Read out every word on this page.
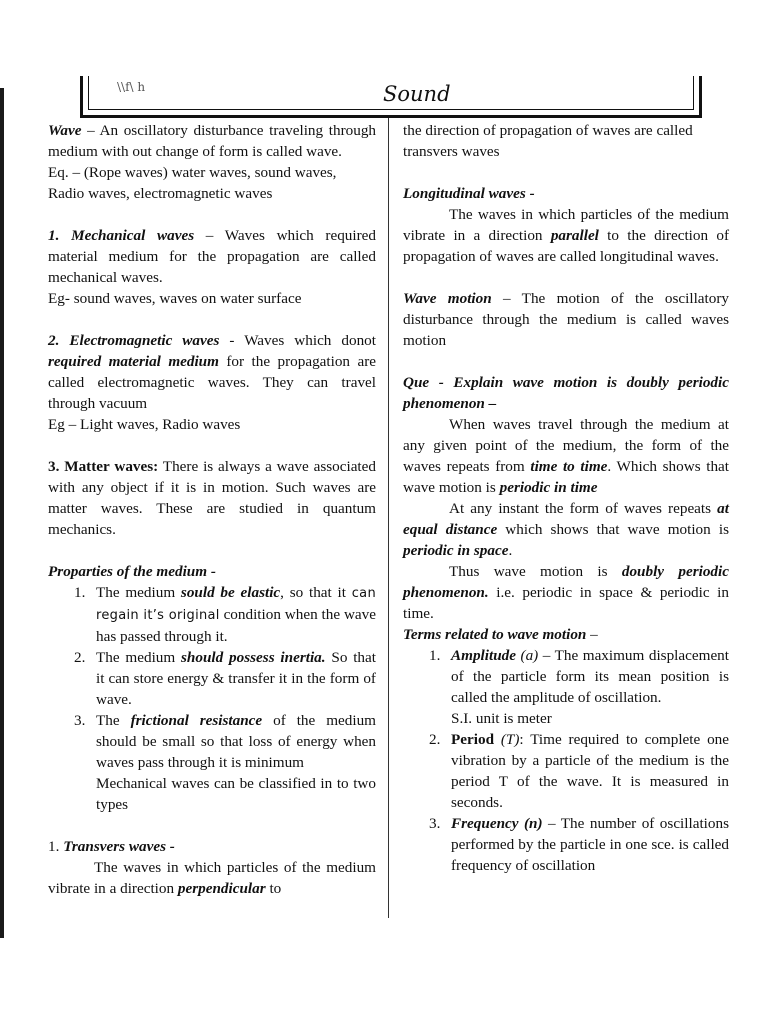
\\f\ h	Sound

Wave – An oscillatory disturbance traveling through medium with out change of form is called wave.

Eq. – (Rope waves) water waves, sound waves, Radio waves, electromagnetic waves

1. Mechanical waves – Waves which required material medium for the propagation are called mechanical waves.

Eg- sound waves, waves on water surface

2. Electromagnetic waves - Waves which donot required material medium for the propagation are called electromagnetic waves. They can travel through vacuum

Eg – Light waves, Radio waves

3. Matter waves: There is always a wave associated with any object if it is in motion. Such waves are matter waves. These are studied in quantum mechanics.

Proparties of the medium -

1. The medium sould be elastic, so that it can regain it’s original condition when the wave has passed through it.
2. The medium should possess inertia. So that it can store energy & transfer it in the form of wave.
3. The frictional resistance of the medium should be small so that loss of energy when waves pass through it is minimum
Mechanical waves can be classified in to two types

1. Transvers waves -

The waves in which particles of the medium vibrate in a direction perpendicular to

the direction of propagation of waves are called transvers waves

Longitudinal waves -

The waves in which particles of the medium vibrate in a direction parallel to the direction of propagation of waves are called longitudinal waves.

Wave motion – The motion of the oscillatory disturbance through the medium is called waves motion

Que - Explain wave motion is doubly periodic phenomenon –

When waves travel through the medium at any given point of the medium, the form of the waves repeats from time to time. Which shows that wave motion is periodic in time

At any instant the form of waves repeats at equal distance which shows that wave motion is periodic in space.

Thus wave motion is doubly periodic phenomenon. i.e. periodic in space & periodic in time.

Terms related to wave motion –

1. Amplitude (a) – The maximum displacement of the particle form its mean position is called the amplitude of oscillation.
S.I. unit is meter
2. Period (T): Time required to complete one vibration by a particle of the medium is the period T of the wave. It is measured in seconds.
3. Frequency (n) – The number of oscillations performed by the particle in one sce. is called frequency of oscillation
